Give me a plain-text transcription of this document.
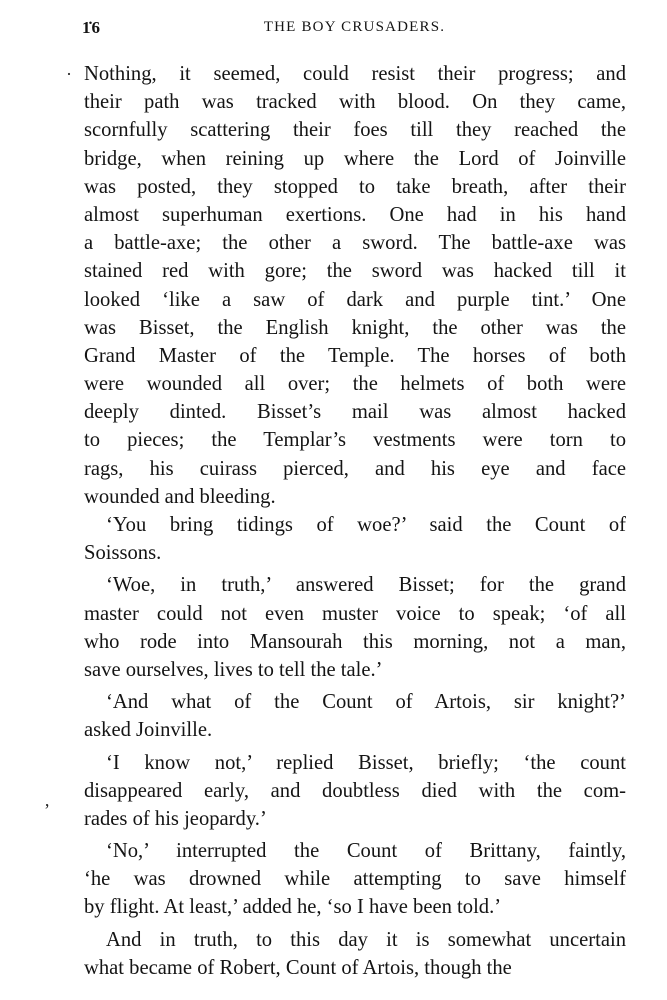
1̇6	THE BOY CRUSADERS.
·
ʼ
Nothing, it seemed, could resist their progress; and
their path was tracked with blood. On they came,
scornfully scattering their foes till they reached the
bridge, when reining up where the Lord of Joinville
was posted, they stopped to take breath, after their
almost superhuman exertions. One had in his hand
a battle-axe; the other a sword. The battle-axe was
stained red with gore; the sword was hacked till it
looked ‘like a saw of dark and purple tint.’ One
was Bisset, the English knight, the other was the
Grand Master of the Temple. The horses of both
were wounded all over; the helmets of both were
deeply dinted. Bisset’s mail was almost hacked
to pieces; the Templar’s vestments were torn to
rags, his cuirass pierced, and his eye and face
wounded and bleeding.
‘You bring tidings of woe?’ said the Count of
Soissons.
‘Woe, in truth,’ answered Bisset; for the grand
master could not even muster voice to speak; ‘of all
who rode into Mansourah this morning, not a man,
save ourselves, lives to tell the tale.’
‘And what of the Count of Artois, sir knight?’
asked Joinville.
‘I know not,’ replied Bisset, briefly; ‘the count
disappeared early, and doubtless died with the com-
rades of his jeopardy.’
‘No,’ interrupted the Count of Brittany, faintly,
‘he was drowned while attempting to save himself
by flight. At least,’ added he, ‘so I have been told.’
And in truth, to this day it is somewhat uncertain
what became of Robert, Count of Artois, though the
